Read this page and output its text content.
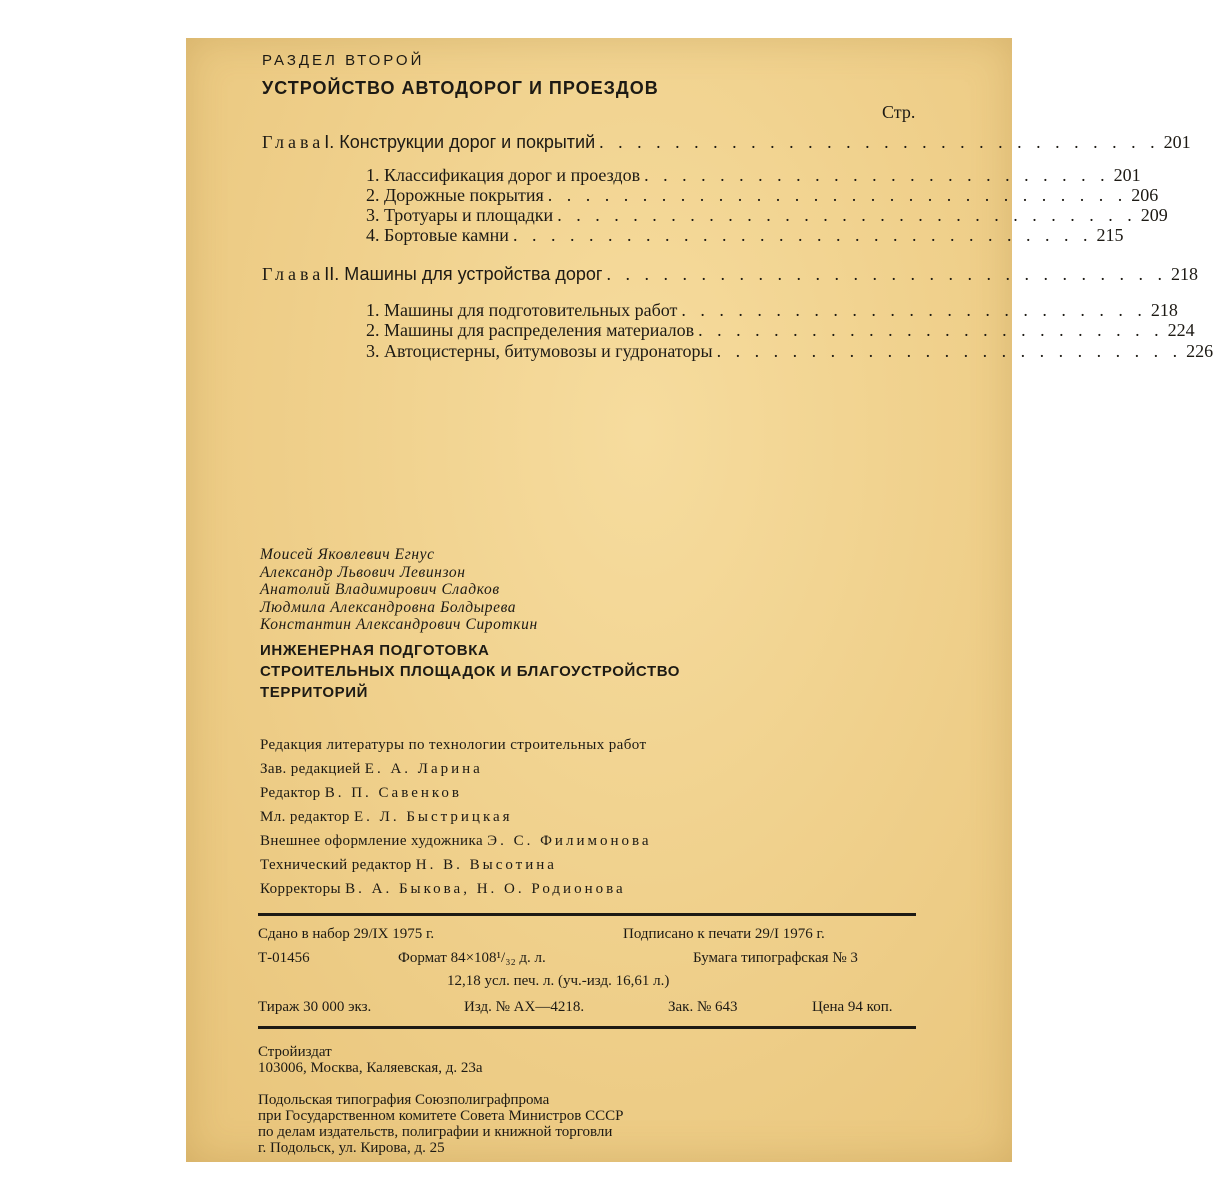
РАЗДЕЛ ВТОРОЙ
УСТРОЙСТВО АВТОДОРОГ И ПРОЕЗДОВ
Стр.
Глава I. Конструкции дорог и покрытий . . . . . . . . . . . . . . . . . . . . . . . . . . . . . . 201
1. Классификация дорог и проездов . . . . . . . . . . . . . . . . . . . . . . . . . 201
2. Дорожные покрытия . . . . . . . . . . . . . . . . . . . . . . . . . . . . . . . 206
3. Тротуары и площадки . . . . . . . . . . . . . . . . . . . . . . . . . . . . . . . 209
4. Бортовые камни . . . . . . . . . . . . . . . . . . . . . . . . . . . . . . . 215
Глава II. Машины для устройства дорог . . . . . . . . . . . . . . . . . . . . . . . . . . . . . . 218
1. Машины для подготовительных работ . . . . . . . . . . . . . . . . . . . . . . . . . 218
2. Машины для распределения материалов . . . . . . . . . . . . . . . . . . . . . . . . . 224
3. Автоцистерны, битумовозы и гудронаторы . . . . . . . . . . . . . . . . . . . . . . . . . 226
Моисей Яковлевич Егнус
Александр Львович Левинзон
Анатолий Владимирович Сладков
Людмила Александровна Болдырева
Константин Александрович Сироткин
ИНЖЕНЕРНАЯ ПОДГОТОВКА
СТРОИТЕЛЬНЫХ ПЛОЩАДОК И БЛАГОУСТРОЙСТВО
ТЕРРИТОРИЙ
Редакция литературы по технологии строительных работ
Зав. редакцией Е. А. Ларина
Редактор В. П. Савенков
Мл. редактор Е. Л. Быстрицкая
Внешнее оформление художника Э. С. Филимонова
Технический редактор Н. В. Высотина
Корректоры В. А. Быкова, Н. О. Родионова
Сдано в набор 29/IX 1975 г.	Подписано к печати 29/I 1976 г.
Т-01456	Формат 84×108¹/₃₂ д. л.	Бумага типографская № 3
12,18 усл. печ. л. (уч.-изд. 16,61 л.)
Тираж 30 000 экз.	Изд. № АХ—4218.	Зак. № 643	Цена 94 коп.
Стройиздат
103006, Москва, Каляевская, д. 23а
Подольская типография Союзполиграфпрома
при Государственном комитете Совета Министров СССР
по делам издательств, полиграфии и книжной торговли
г. Подольск, ул. Кирова, д. 25
